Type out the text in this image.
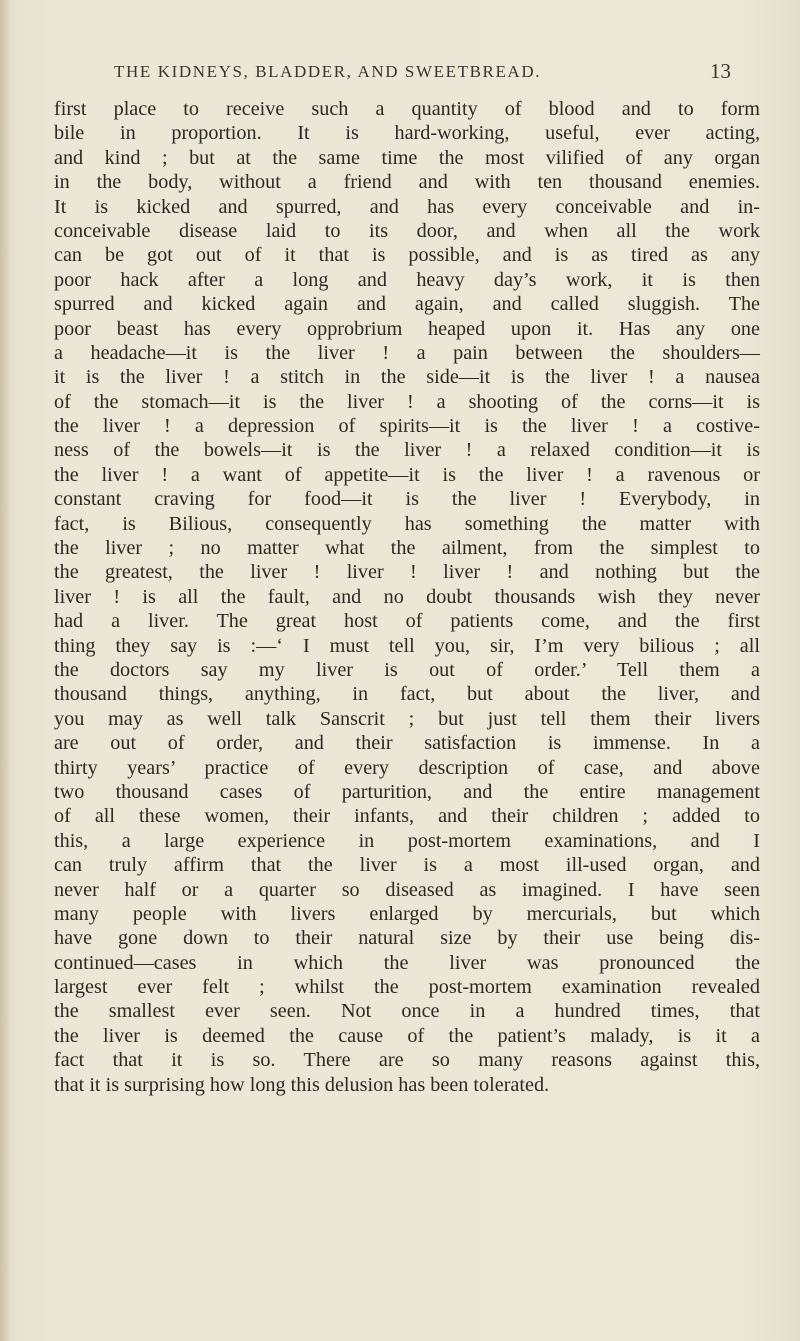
THE KIDNEYS, BLADDER, AND SWEETBREAD.	13
first place to receive such a quantity of blood and to form
bile in proportion. It is hard-working, useful, ever acting,
and kind ; but at the same time the most vilified of any organ
in the body, without a friend and with ten thousand enemies.
It is kicked and spurred, and has every conceivable and in-
conceivable disease laid to its door, and when all the work
can be got out of it that is possible, and is as tired as any
poor hack after a long and heavy day’s work, it is then
spurred and kicked again and again, and called sluggish. The
poor beast has every opprobrium heaped upon it. Has any one
a headache—it is the liver ! a pain between the shoulders—
it is the liver ! a stitch in the side—it is the liver ! a nausea
of the stomach—it is the liver ! a shooting of the corns—it is
the liver ! a depression of spirits—it is the liver ! a costive-
ness of the bowels—it is the liver ! a relaxed condition—it is
the liver ! a want of appetite—it is the liver ! a ravenous or
constant craving for food—it is the liver ! Everybody, in
fact, is Bilious, consequently has something the matter with
the liver ; no matter what the ailment, from the simplest to
the greatest, the liver ! liver ! liver ! and nothing but the
liver ! is all the fault, and no doubt thousands wish they never
had a liver. The great host of patients come, and the first
thing they say is :—‘ I must tell you, sir, I’m very bilious ; all
the doctors say my liver is out of order.’ Tell them a
thousand things, anything, in fact, but about the liver, and
you may as well talk Sanscrit ; but just tell them their livers
are out of order, and their satisfaction is immense. In a
thirty years’ practice of every description of case, and above
two thousand cases of parturition, and the entire management
of all these women, their infants, and their children ; added to
this, a large experience in post-mortem examinations, and I
can truly affirm that the liver is a most ill-used organ, and
never half or a quarter so diseased as imagined. I have seen
many people with livers enlarged by mercurials, but which
have gone down to their natural size by their use being dis-
continued—cases in which the liver was pronounced the
largest ever felt ; whilst the post-mortem examination revealed
the smallest ever seen. Not once in a hundred times, that
the liver is deemed the cause of the patient’s malady, is it a
fact that it is so. There are so many reasons against this,
that it is surprising how long this delusion has been tolerated.
